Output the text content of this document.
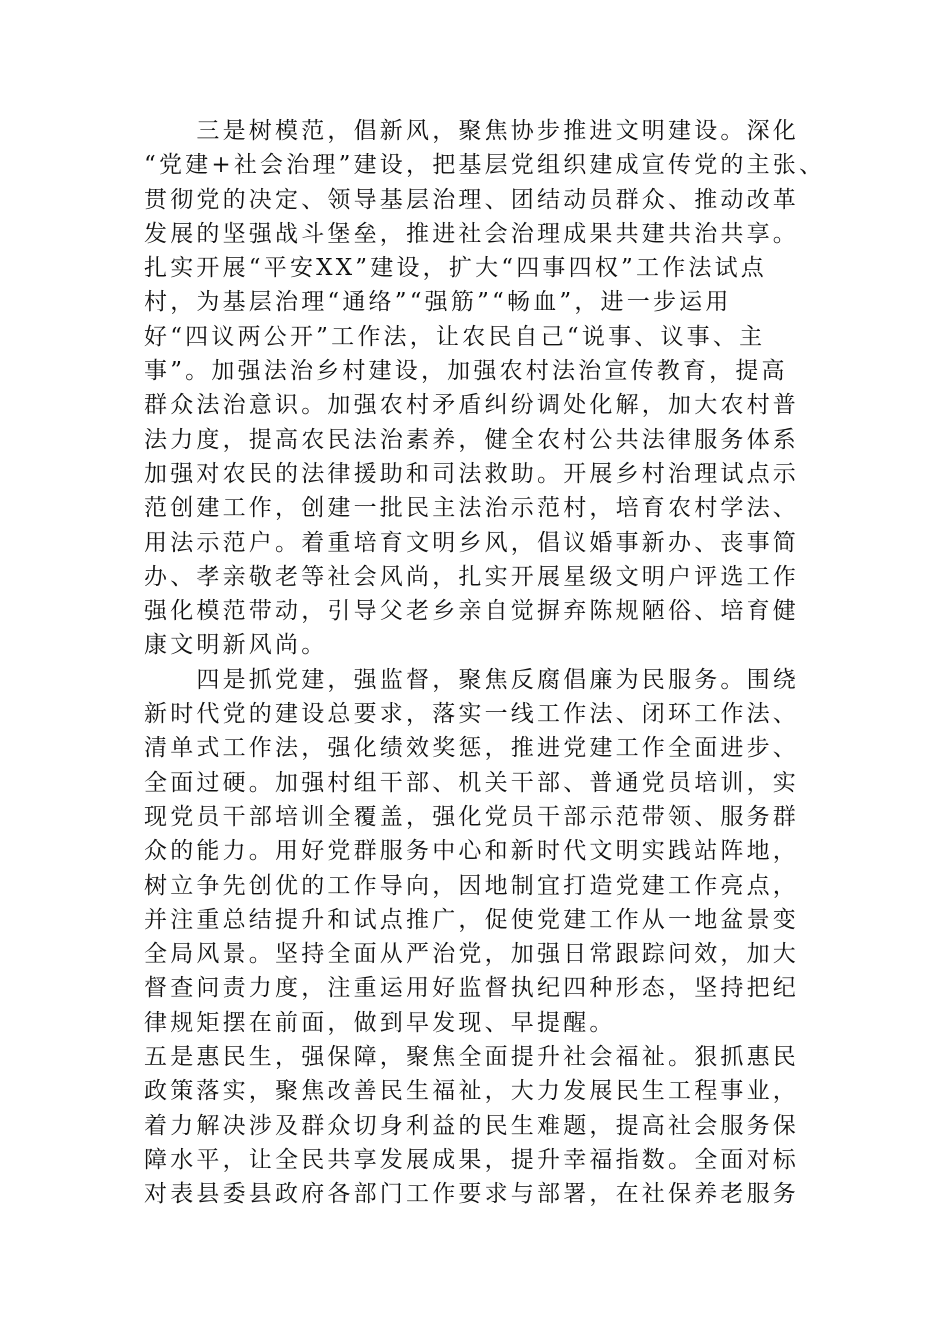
　　三是树模范，倡新风，聚焦协步推进文明建设。深化

“党建+社会治理”建设，把基层党组织建成宣传党的主张、

贯彻党的决定、领导基层治理、团结动员群众、推动改革

发展的坚强战斗堡垒，推进社会治理成果共建共治共享。

扎实开展“平安XX”建设，扩大“四事四权”工作法试点

村，为基层治理“通络”“强筋”“畅血”，进一步运用

好“四议两公开”工作法，让农民自己“说事、议事、主

事”。加强法治乡村建设，加强农村法治宣传教育，提高

群众法治意识。加强农村矛盾纠纷调处化解，加大农村普

法力度，提高农民法治素养，健全农村公共法律服务体系

加强对农民的法律援助和司法救助。开展乡村治理试点示

范创建工作，创建一批民主法治示范村，培育农村学法、

用法示范户。着重培育文明乡风，倡议婚事新办、丧事简

办、孝亲敬老等社会风尚，扎实开展星级文明户评选工作

强化模范带动，引导父老乡亲自觉摒弃陈规陋俗、培育健

康文明新风尚。

　　四是抓党建，强监督，聚焦反腐倡廉为民服务。围绕

新时代党的建设总要求，落实一线工作法、闭环工作法、

清单式工作法，强化绩效奖惩，推进党建工作全面进步、

全面过硬。加强村组干部、机关干部、普通党员培训，实

现党员干部培训全覆盖，强化党员干部示范带领、服务群

众的能力。用好党群服务中心和新时代文明实践站阵地，

树立争先创优的工作导向，因地制宜打造党建工作亮点，

并注重总结提升和试点推广，促使党建工作从一地盆景变

全局风景。坚持全面从严治党，加强日常跟踪问效，加大

督查问责力度，注重运用好监督执纪四种形态，坚持把纪

律规矩摆在前面，做到早发现、早提醒。

五是惠民生，强保障，聚焦全面提升社会福祉。狠抓惠民

政策落实，聚焦改善民生福祉，大力发展民生工程事业，

着力解决涉及群众切身利益的民生难题，提高社会服务保

障水平，让全民共享发展成果，提升幸福指数。全面对标

对表县委县政府各部门工作要求与部署，在社保养老服务
